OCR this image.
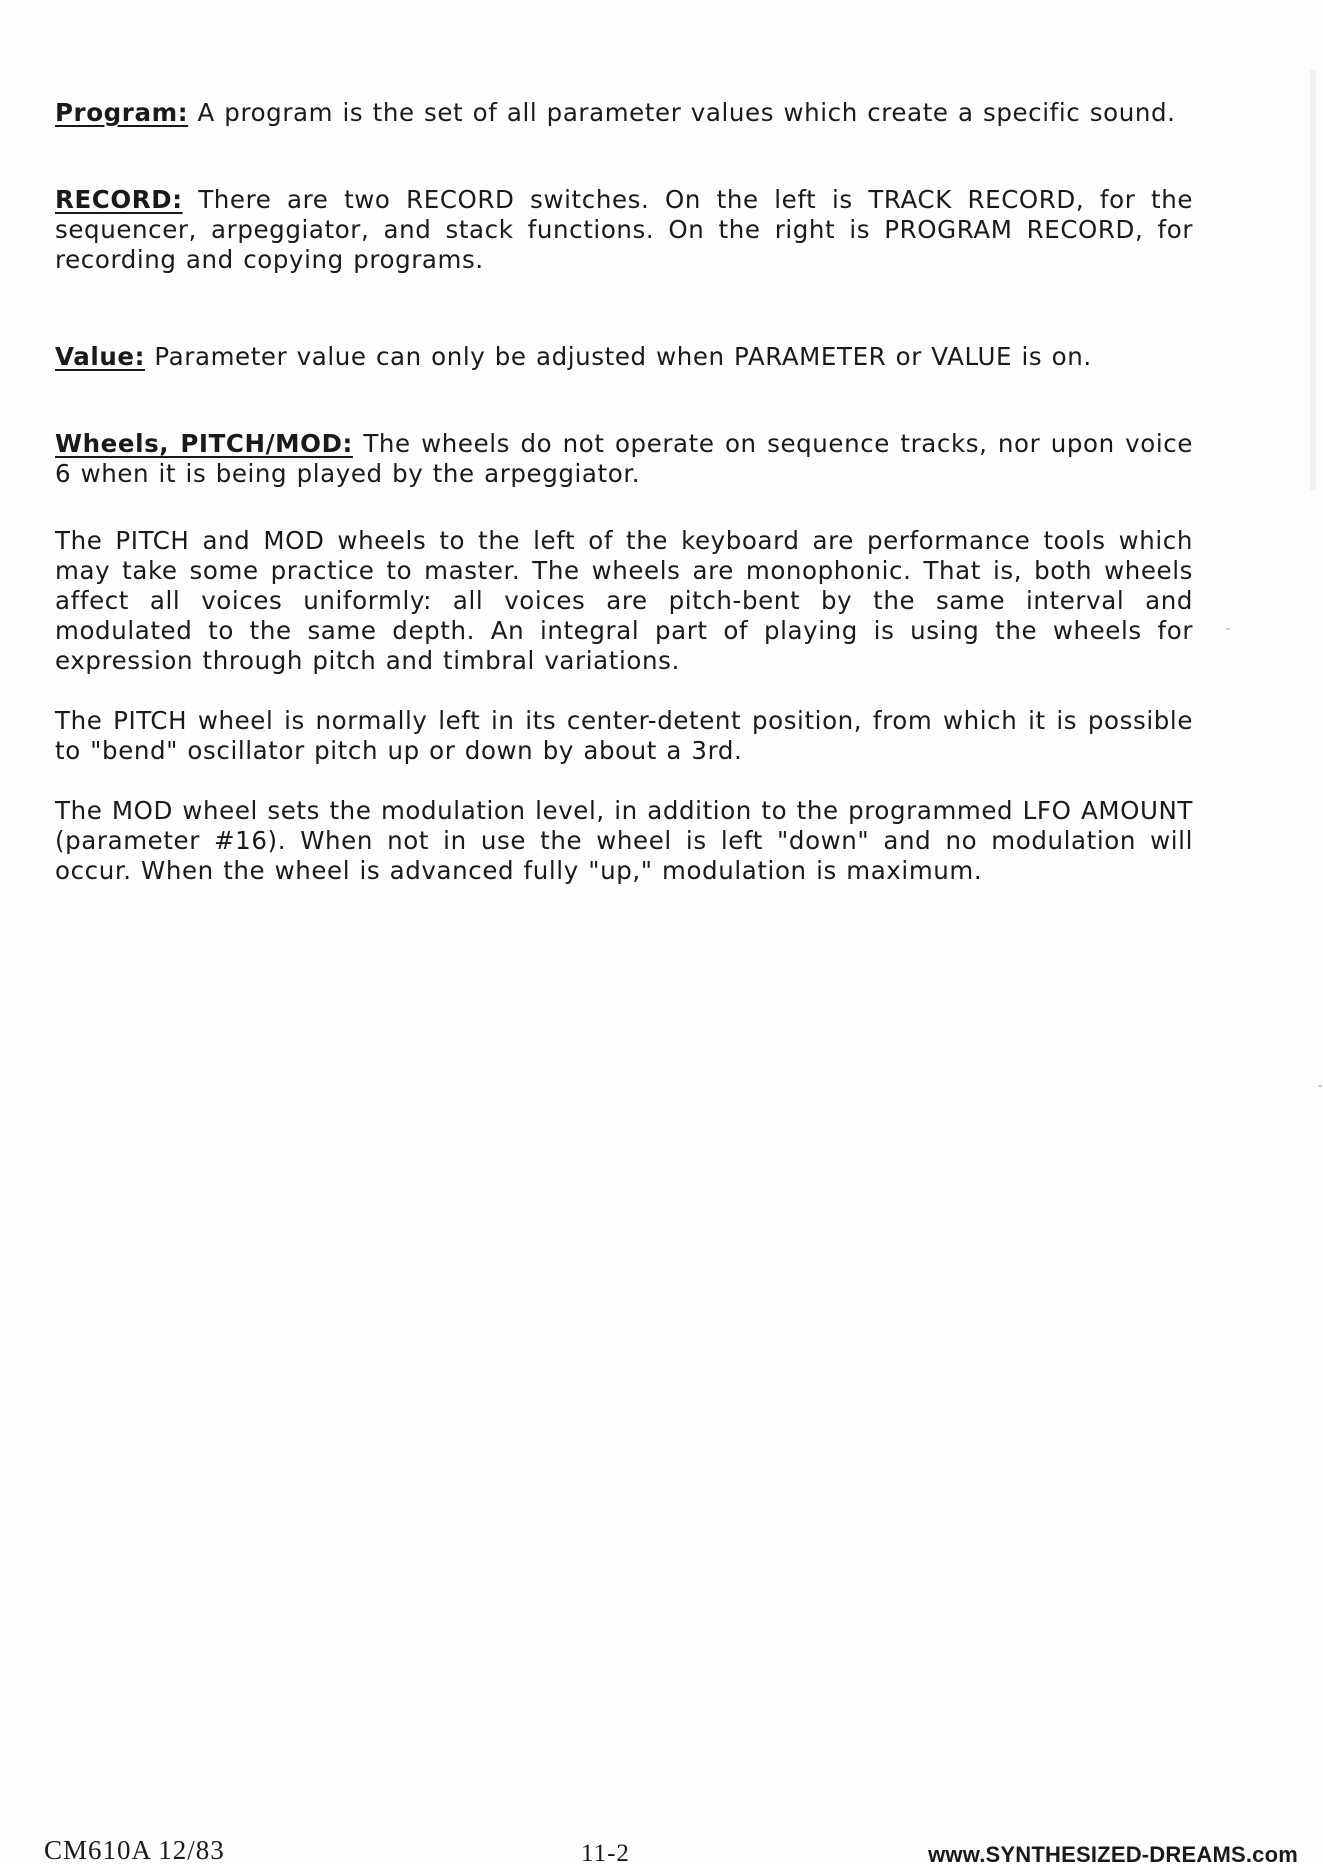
Program: A program is the set of all parameter values which create a specific sound.

RECORD: There are two RECORD switches. On the left is TRACK RECORD, for the sequencer, arpeggiator, and stack functions. On the right is PROGRAM RECORD, for recording and copying programs.

Value: Parameter value can only be adjusted when PARAMETER or VALUE is on.

Wheels, PITCH/MOD: The wheels do not operate on sequence tracks, nor upon voice 6 when it is being played by the arpeggiator.

The PITCH and MOD wheels to the left of the keyboard are performance tools which may take some practice to master. The wheels are monophonic. That is, both wheels affect all voices uniformly: all voices are pitch-bent by the same interval and modulated to the same depth. An integral part of playing is using the wheels for expression through pitch and timbral variations.

The PITCH wheel is normally left in its center-detent position, from which it is possible to "bend" oscillator pitch up or down by about a 3rd.

The MOD wheel sets the modulation level, in addition to the programmed LFO AMOUNT (parameter #16). When not in use the wheel is left "down" and no modulation will occur. When the wheel is advanced fully "up," modulation is maximum.

CM610A 12/83	11-2	www.SYNTHESIZED-DREAMS.com
